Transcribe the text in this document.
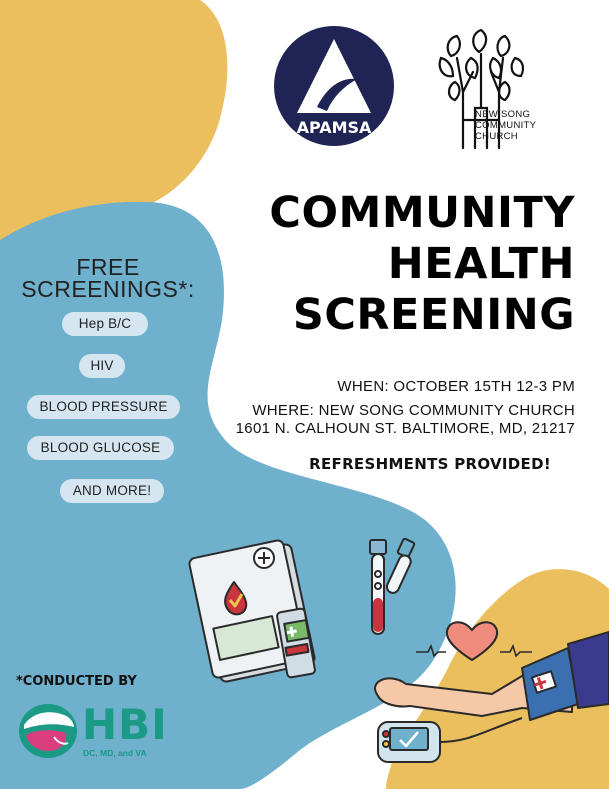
APAMSA
NEW SONG
COMMUNITY
CHURCH
COMMUNITY
HEALTH
SCREENING
WHEN: OCTOBER 15TH 12-3 PM
WHERE: NEW SONG COMMUNITY CHURCH
1601 N. CALHOUN ST. BALTIMORE, MD, 21217
REFRESHMENTS PROVIDED!
FREE
SCREENINGS*:
Hep B/C
HIV
BLOOD PRESSURE
BLOOD GLUCOSE
AND MORE!
*CONDUCTED BY
HBI
DC, MD, and VA
